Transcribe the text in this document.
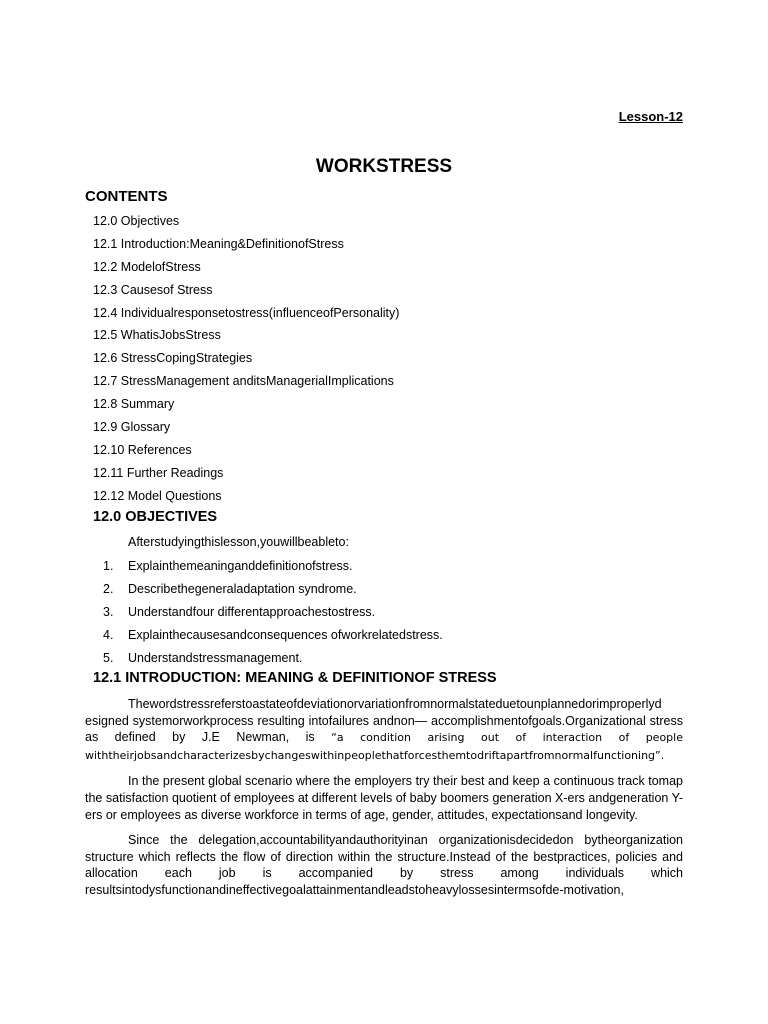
Lesson-12
WORKSTRESS
CONTENTS
12.0 Objectives
12.1 Introduction:Meaning&DefinitionofStress
12.2 ModelofStress
12.3 Causesof Stress
12.4 Individualresponsetostress(influenceofPersonality)
12.5 WhatisJobsStress
12.6 StressCopingStrategies
12.7 StressManagement anditsManagerialImplications
12.8 Summary
12.9 Glossary
12.10 References
12.11 Further Readings
12.12 Model Questions
12.0 OBJECTIVES
Afterstudyingthislesson,youwillbeableto:
1. Explainthemeaninganddefinitionofstress.
2. Describethegeneraladaptation syndrome.
3. Understandfour differentapproachestostress.
4. Explainthecausesandconsequences ofworkrelatedstress.
5. Understandstressmanagement.
12.1 INTRODUCTION: MEANING & DEFINITIONOF STRESS

Thewordstressreferstoastateofdeviationorvariationfromnormalstateduetounplannedorimproperlyd esigned systemorworkprocess resulting intofailures andnon— accomplishmentofgoals.Organizational stress as defined by J.E Newman, is “a condition arising out of interaction of people withtheirjobsandcharacterizesbychangeswithinpeoplethatforcesthemtodriftapartfromnormalfunctioning”.

In the present global scenario where the employers try their best and keep a continuous track tomap the satisfaction quotient of employees at different levels of baby boomers generation X-ers andgeneration Y-ers or employees as diverse workforce in terms of age, gender, attitudes, expectationsand longevity.

Since the delegation,accountabilityandauthorityinan organizationisdecidedon bytheorganization structure which reflects the flow of direction within the structure.Instead of the bestpractices, policies and allocation each job is accompanied by stress among individuals which resultsintodysfunctionandineffectivegoalattainmentandleadstoheavylossesintermsofde-motivation,
